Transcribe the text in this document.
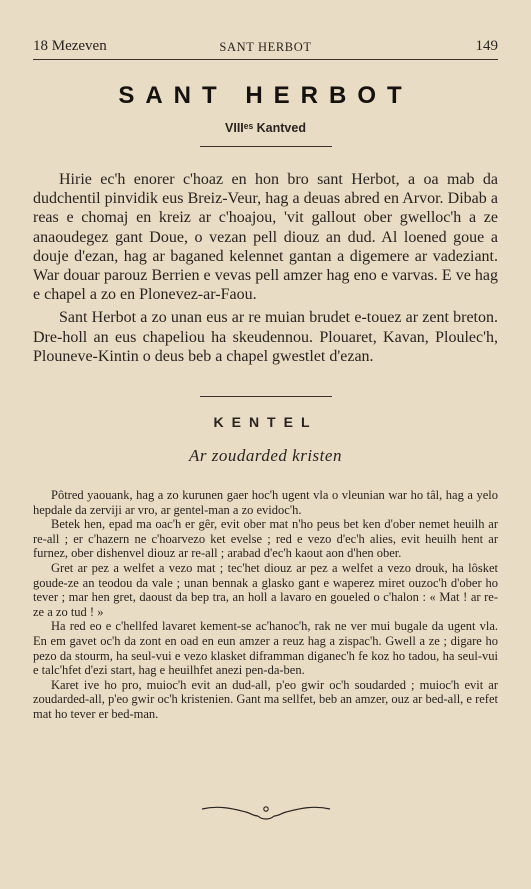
18 Mezeven	SANT HERBOT	149
SANT HERBOT
VIIIᵉˢ Kantved

Hirie ec'h enorer c'hoaz en hon bro sant Herbot, a oa mab da dudchentil pinvidik eus Breiz-Veur, hag a deuas abred en Arvor. Dibab a reas e chomaj en kreiz ar c'hoajou, 'vit gallout ober gwelloc'h a ze anaoudegez gant Doue, o vezan pell diouz an dud. Al loened goue a douje d'ezan, hag ar baganed kelennet gantan a digemere ar vadeziant. War douar parouz Berrien e vevas pell amzer hag eno e varvas. E ve hag e chapel a zo en Plonevez-ar-Faou.

Sant Herbot a zo unan eus ar re muian brudet e-touez ar zent breton. Dre-holl an eus chapeliou ha skeudennou. Plouaret, Kavan, Ploulec'h, Plouneve-Kintin o deus beb a chapel gwestlet d'ezan.

KENTEL
Ar zoudarded kristen

Pôtred yaouank, hag a zo kurunen gaer hoc'h ugent vla o vleunian war ho tâl, hag a yelo hepdale da zerviji ar vro, ar gentel-man a zo evidoc'h.

Betek hen, epad ma oac'h er gêr, evit ober mat n'ho peus bet ken d'ober nemet heuilh ar re-all ; er c'hazern ne c'hoarvezo ket evelse ; red e vezo d'ec'h alies, evit heuilh hent ar furnez, ober dishenvel diouz ar re-all ; arabad d'ec'h kaout aon d'hen ober.

Gret ar pez a welfet a vezo mat ; tec'het diouz ar pez a welfet a vezo drouk, ha lôsket goude-ze an teodou da vale ; unan bennak a glasko gant e waperez miret ouzoc'h d'ober ho tever ; mar hen gret, daoust da bep tra, an holl a lavaro en goueled o c'halon : « Mat ! ar re-ze a zo tud ! »

Ha red eo e c'hellfed lavaret kement-se ac'hanoc'h, rak ne ver mui bugale da ugent vla. En em gavet oc'h da zont en oad en eun amzer a reuz hag a zispac'h. Gwell a ze ; digare ho pezo da stourm, ha seul-vui e vezo klasket diframman diganec'h fe koz ho tadou, ha seul-vui e talc'hfet d'ezi start, hag e heuilhfet anezi pen-da-ben.

Karet ive ho pro, muioc'h evit an dud-all, p'eo gwir oc'h soudarded ; muioc'h evit ar zoudarded-all, p'eo gwir oc'h kristenien. Gant ma sellfet, beb an amzer, ouz ar bed-all, e refet mat ho tever er bed-man.
